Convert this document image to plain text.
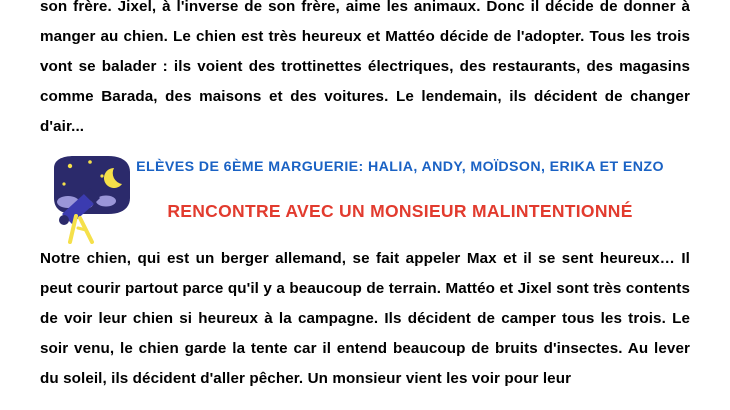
son frère. Jixel, à l'inverse de son frère, aime les animaux. Donc il décide de donner à manger au chien. Le chien est très heureux et Mattéo décide de l'adopter. Tous les trois vont se balader : ils voient des trottinettes électriques, des restaurants, des magasins comme Barada, des maisons et des voitures. Le lendemain, ils décident de changer d'air...

ELÈVES DE 6ÈME MARGUERIE: HALIA, ANDY, MOÏDSON, ERIKA ET ENZO
RENCONTRE AVEC UN MONSIEUR MALINTENTIONNÉ

Notre chien, qui est un berger allemand, se fait appeler Max et il se sent heureux… Il peut courir partout parce qu'il y a beaucoup de terrain. Mattéo et Jixel sont très contents de voir leur chien si heureux à la campagne. Ils décident de camper tous les trois. Le soir venu, le chien garde la tente car il entend beaucoup de bruits d'insectes. Au lever du soleil, ils décident d'aller pêcher. Un monsieur vient les voir pour leur
